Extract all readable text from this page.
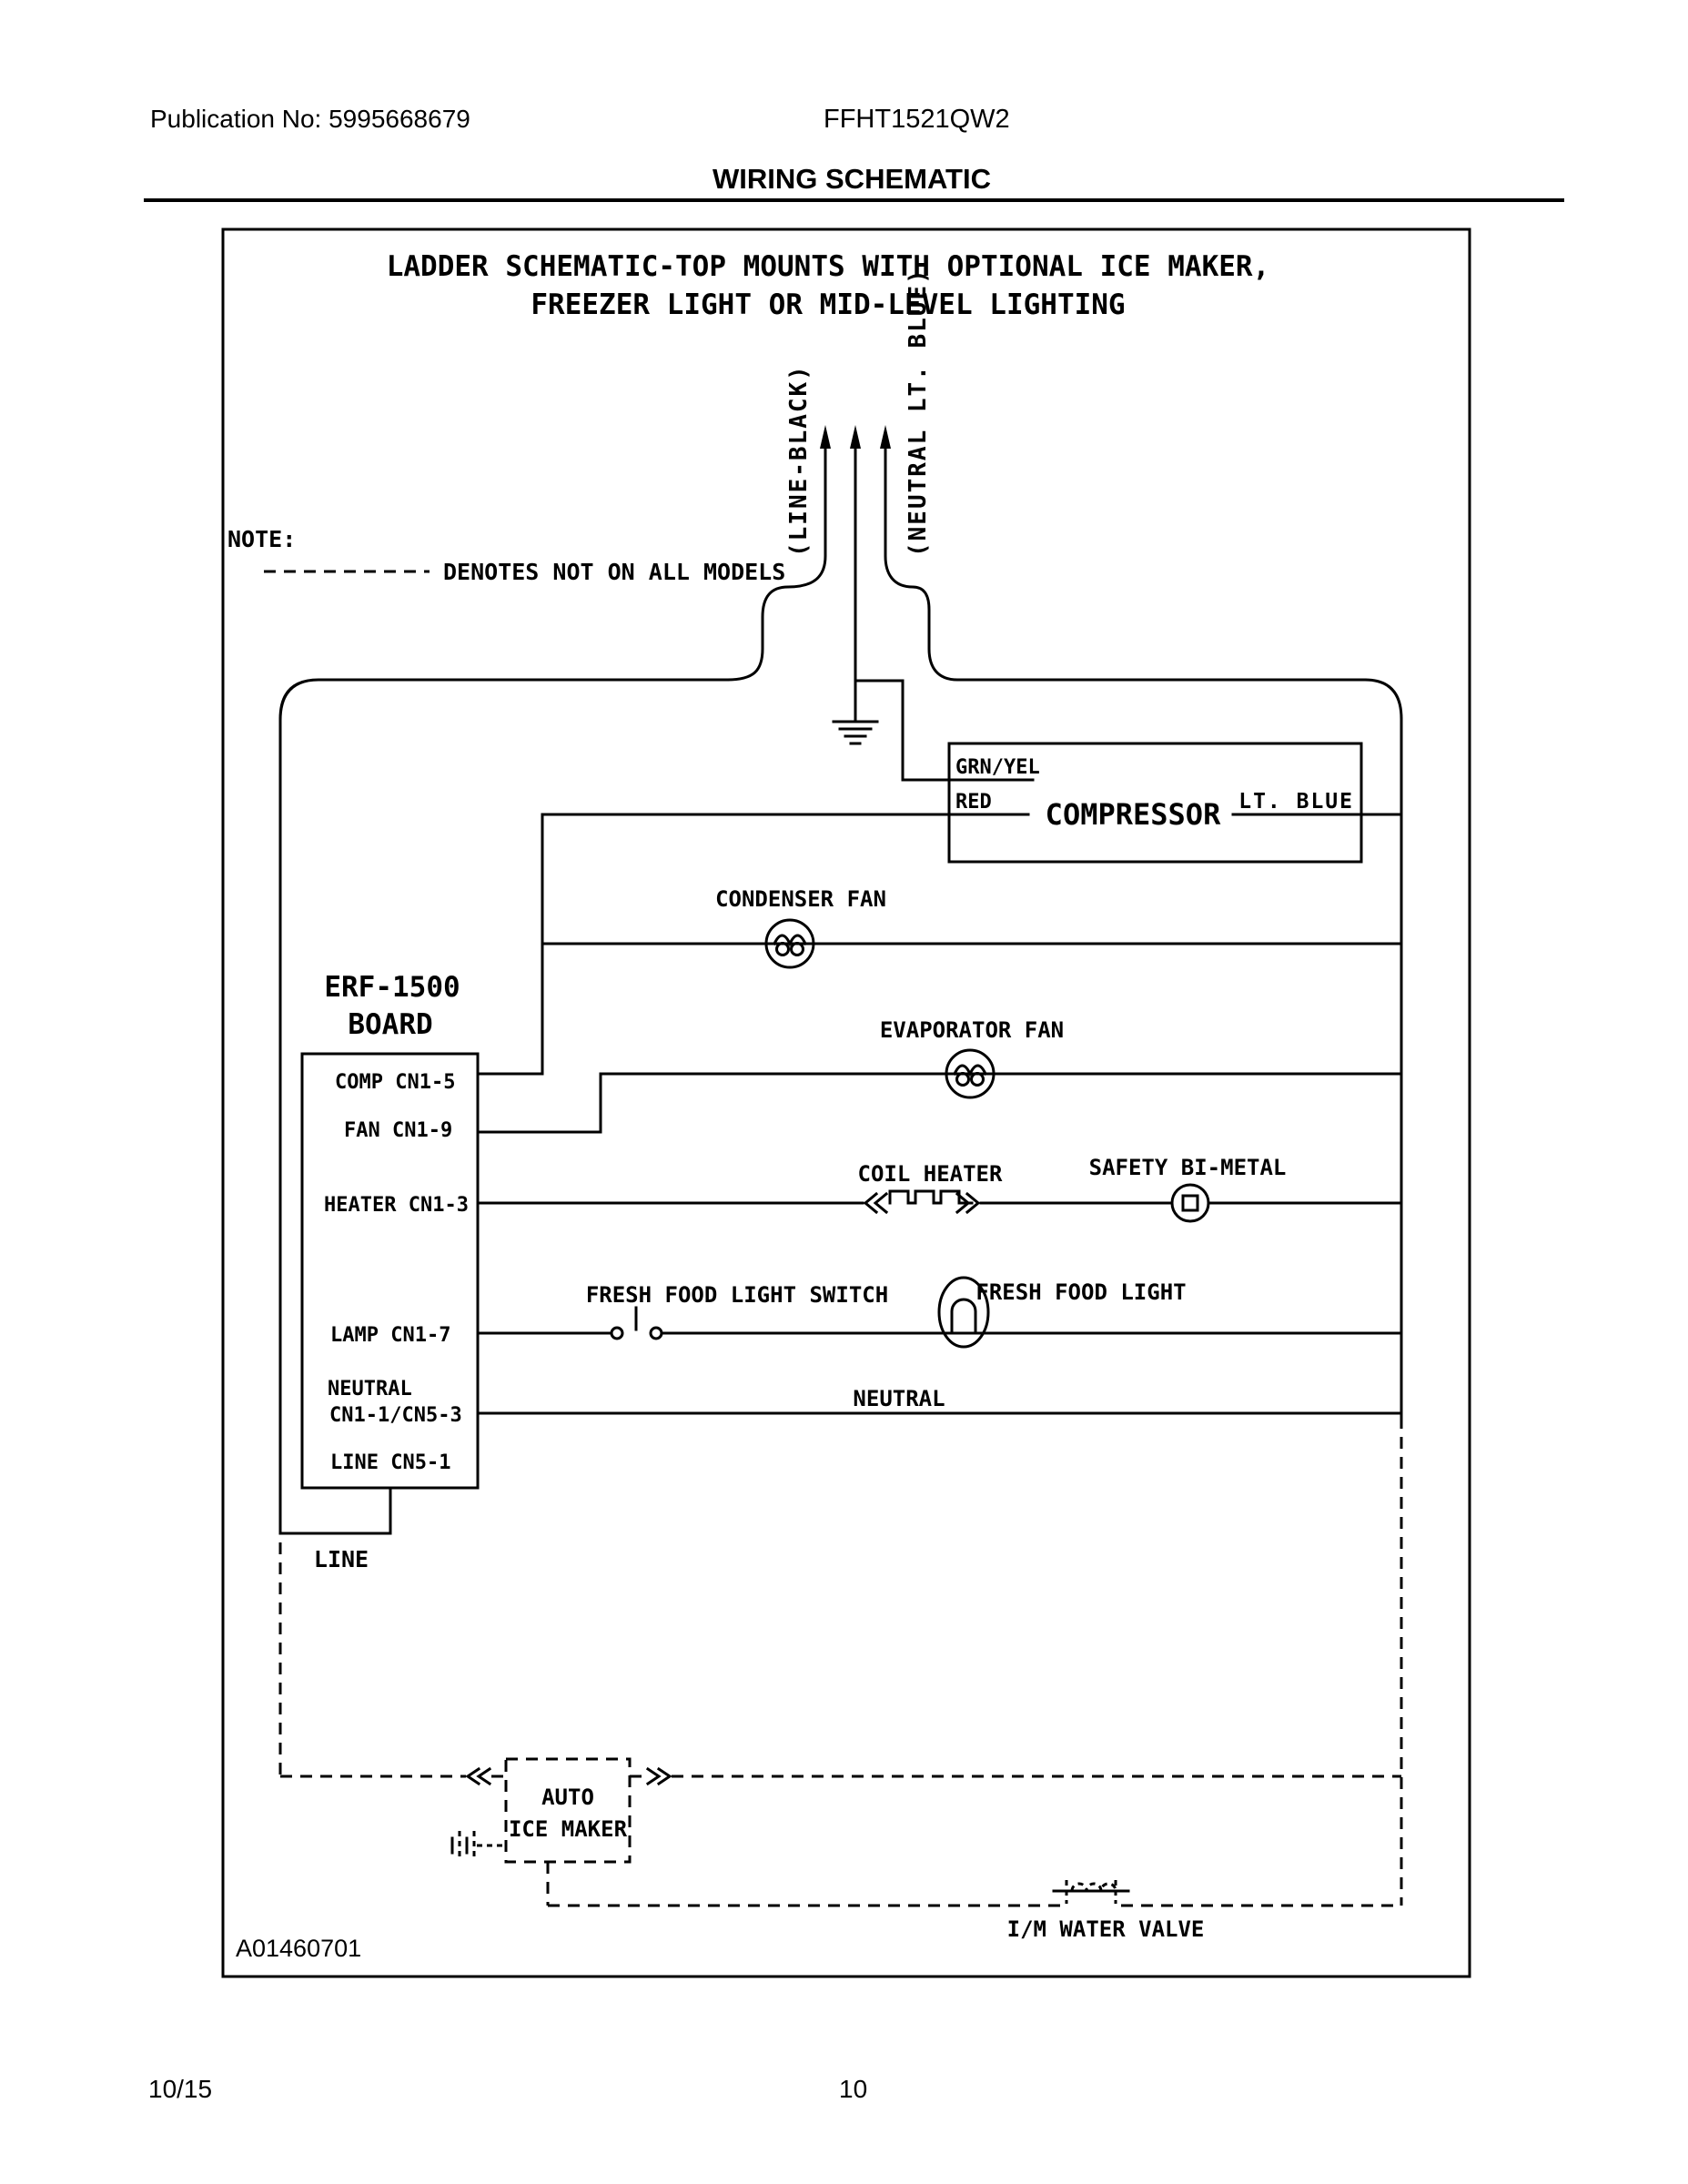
Publication No: 5995668679	FFHT1521QW2
WIRING SCHEMATIC
LADDER SCHEMATIC-TOP MOUNTS WITH OPTIONAL ICE MAKER,
FREEZER LIGHT OR MID-LEVEL LIGHTING
NOTE:
DENOTES NOT ON ALL MODELS
(LINE-BLACK)	(NEUTRAL LT. BLUE)
GRN/YEL
RED COMPRESSOR LT. BLUE
CONDENSER FAN
EVAPORATOR FAN
COIL HEATER	SAFETY BI-METAL
FRESH FOOD LIGHT SWITCH	FRESH FOOD LIGHT
NEUTRAL
ERF-1500
BOARD
COMP CN1-5
FAN CN1-9
HEATER CN1-3
LAMP CN1-7
NEUTRAL
CN1-1/CN5-3
LINE CN5-1
LINE
AUTO
ICE MAKER
I/M WATER VALVE
A01460701
10/15	10
